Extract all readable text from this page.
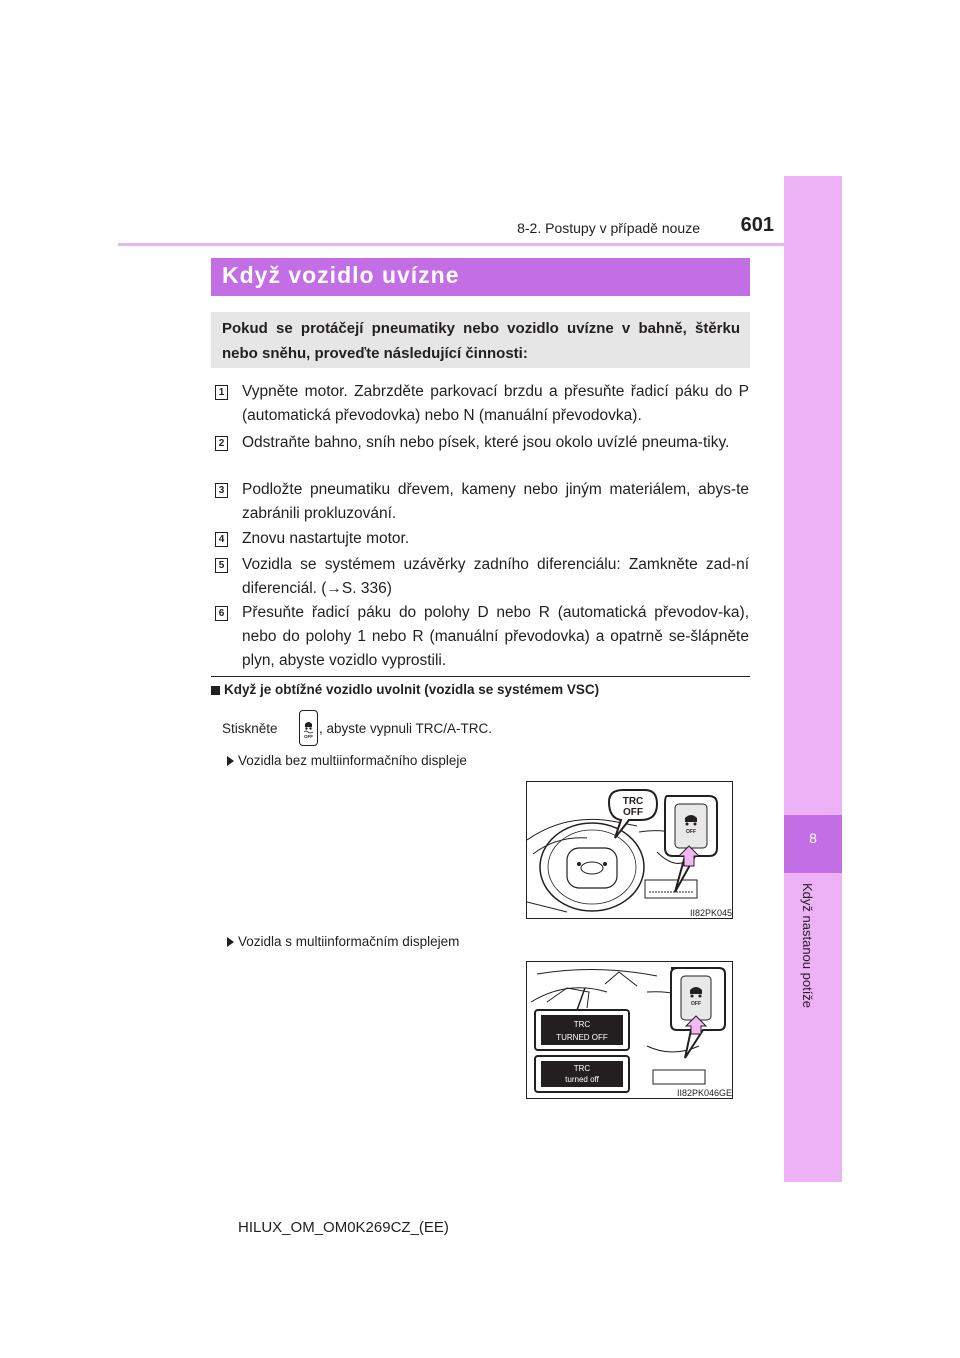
8-2. Postupy v případě nouze	601
8
Když nastanou potíže
Když vozidlo uvízne
Pokud se protáčejí pneumatiky nebo vozidlo uvízne v bahně, štěrku nebo sněhu, proveďte následující činnosti:
1 Vypněte motor. Zabrzděte parkovací brzdu a přesuňte řadicí páku do P (automatická převodovka) nebo N (manuální převodovka).
2 Odstraňte bahno, sníh nebo písek, které jsou okolo uvízlé pneuma-tiky.
3 Podložte pneumatiku dřevem, kameny nebo jiným materiálem, abys-te zabránili prokluzování.
4 Znovu nastartujte motor.
5 Vozidla se systémem uzávěrky zadního diferenciálu: Zamkněte zad-ní diferenciál. (→S. 336)
6 Přesuňte řadicí páku do polohy D nebo R (automatická převodov-ka), nebo do polohy 1 nebo R (manuální převodovka) a opatrně se-šlápněte plyn, abyste vozidlo vyprostili.
Když je obtížné vozidlo uvolnit (vozidla se systémem VSC)
Stiskněte
OFF
, abyste vypnuli TRC/A-TRC.
Vozidla bez multiinformačního displeje
TRC
OFF
OFF
II82PK045
Vozidla s multiinformačním displejem
TRC
TURNED OFF
TRC
turned off
OFF
II82PK046GE
HILUX_OM_OM0K269CZ_(EE)
